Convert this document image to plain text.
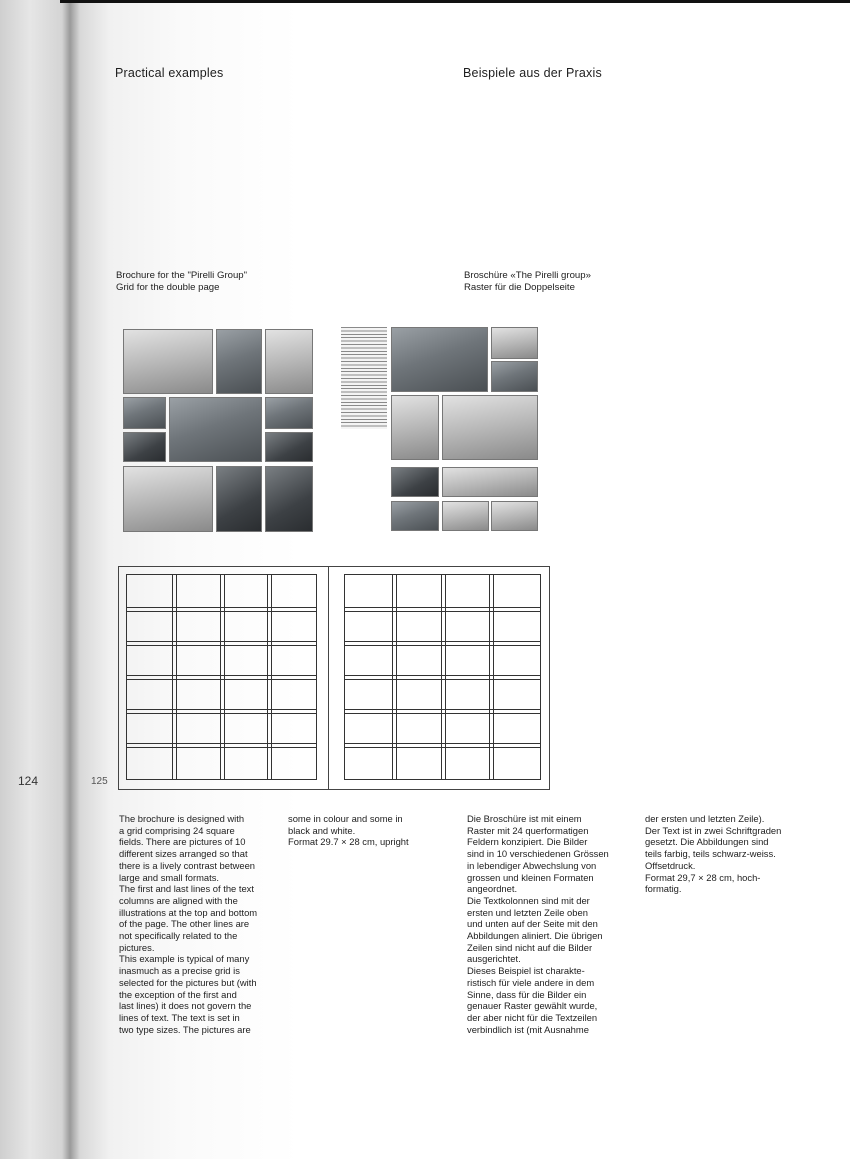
Practical examples	Beispiele aus der Praxis
Brochure for the "Pirelli Group"
Grid for the double page
Broschüre «The Pirelli group»
Raster für die Doppelseite
124	125
The brochure is designed with
a grid comprising 24 square
fields. There are pictures of 10
different sizes arranged so that
there is a lively contrast between
large and small formats.
The first and last lines of the text
columns are aligned with the
illustrations at the top and bottom
of the page. The other lines are
not specifically related to the
pictures.
This example is typical of many
inasmuch as a precise grid is
selected for the pictures but (with
the exception of the first and
last lines) it does not govern the
lines of text. The text is set in
two type sizes. The pictures are
some in colour and some in
black and white.
Format 29.7 × 28 cm, upright
Die Broschüre ist mit einem
Raster mit 24 querformatigen
Feldern konzipiert. Die Bilder
sind in 10 verschiedenen Grössen
in lebendiger Abwechslung von
grossen und kleinen Formaten
angeordnet.
Die Textkolonnen sind mit der
ersten und letzten Zeile oben
und unten auf der Seite mit den
Abbildungen aliniert. Die übrigen
Zeilen sind nicht auf die Bilder
ausgerichtet.
Dieses Beispiel ist charakte-
ristisch für viele andere in dem
Sinne, dass für die Bilder ein
genauer Raster gewählt wurde,
der aber nicht für die Textzeilen
verbindlich ist (mit Ausnahme
der ersten und letzten Zeile).
Der Text ist in zwei Schriftgraden
gesetzt. Die Abbildungen sind
teils farbig, teils schwarz-weiss.
Offsetdruck.
Format 29,7 × 28 cm, hoch-
formatig.
